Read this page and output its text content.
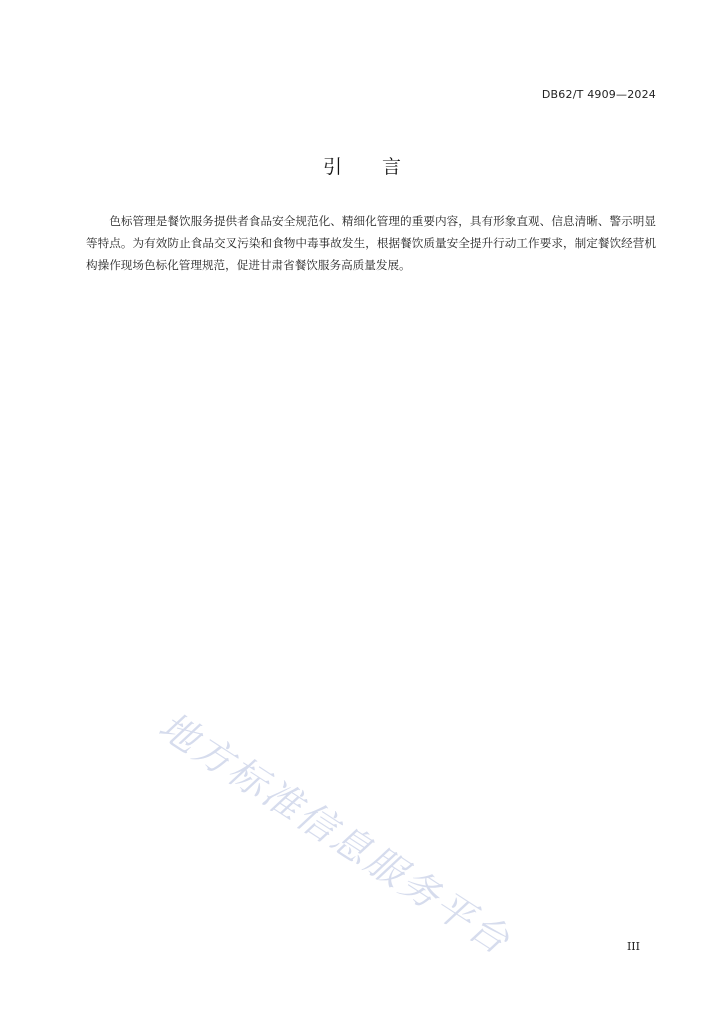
DB62/T 4909—2024
引言
色标管理是餐饮服务提供者食品安全规范化、精细化管理的重要内容，具有形象直观、信息清晰、警示明显等特点。为有效防止食品交叉污染和食物中毒事故发生，根据餐饮质量安全提升行动工作要求，制定餐饮经营机构操作现场色标化管理规范，促进甘肃省餐饮服务高质量发展。
地方标准信息服务平台	III
